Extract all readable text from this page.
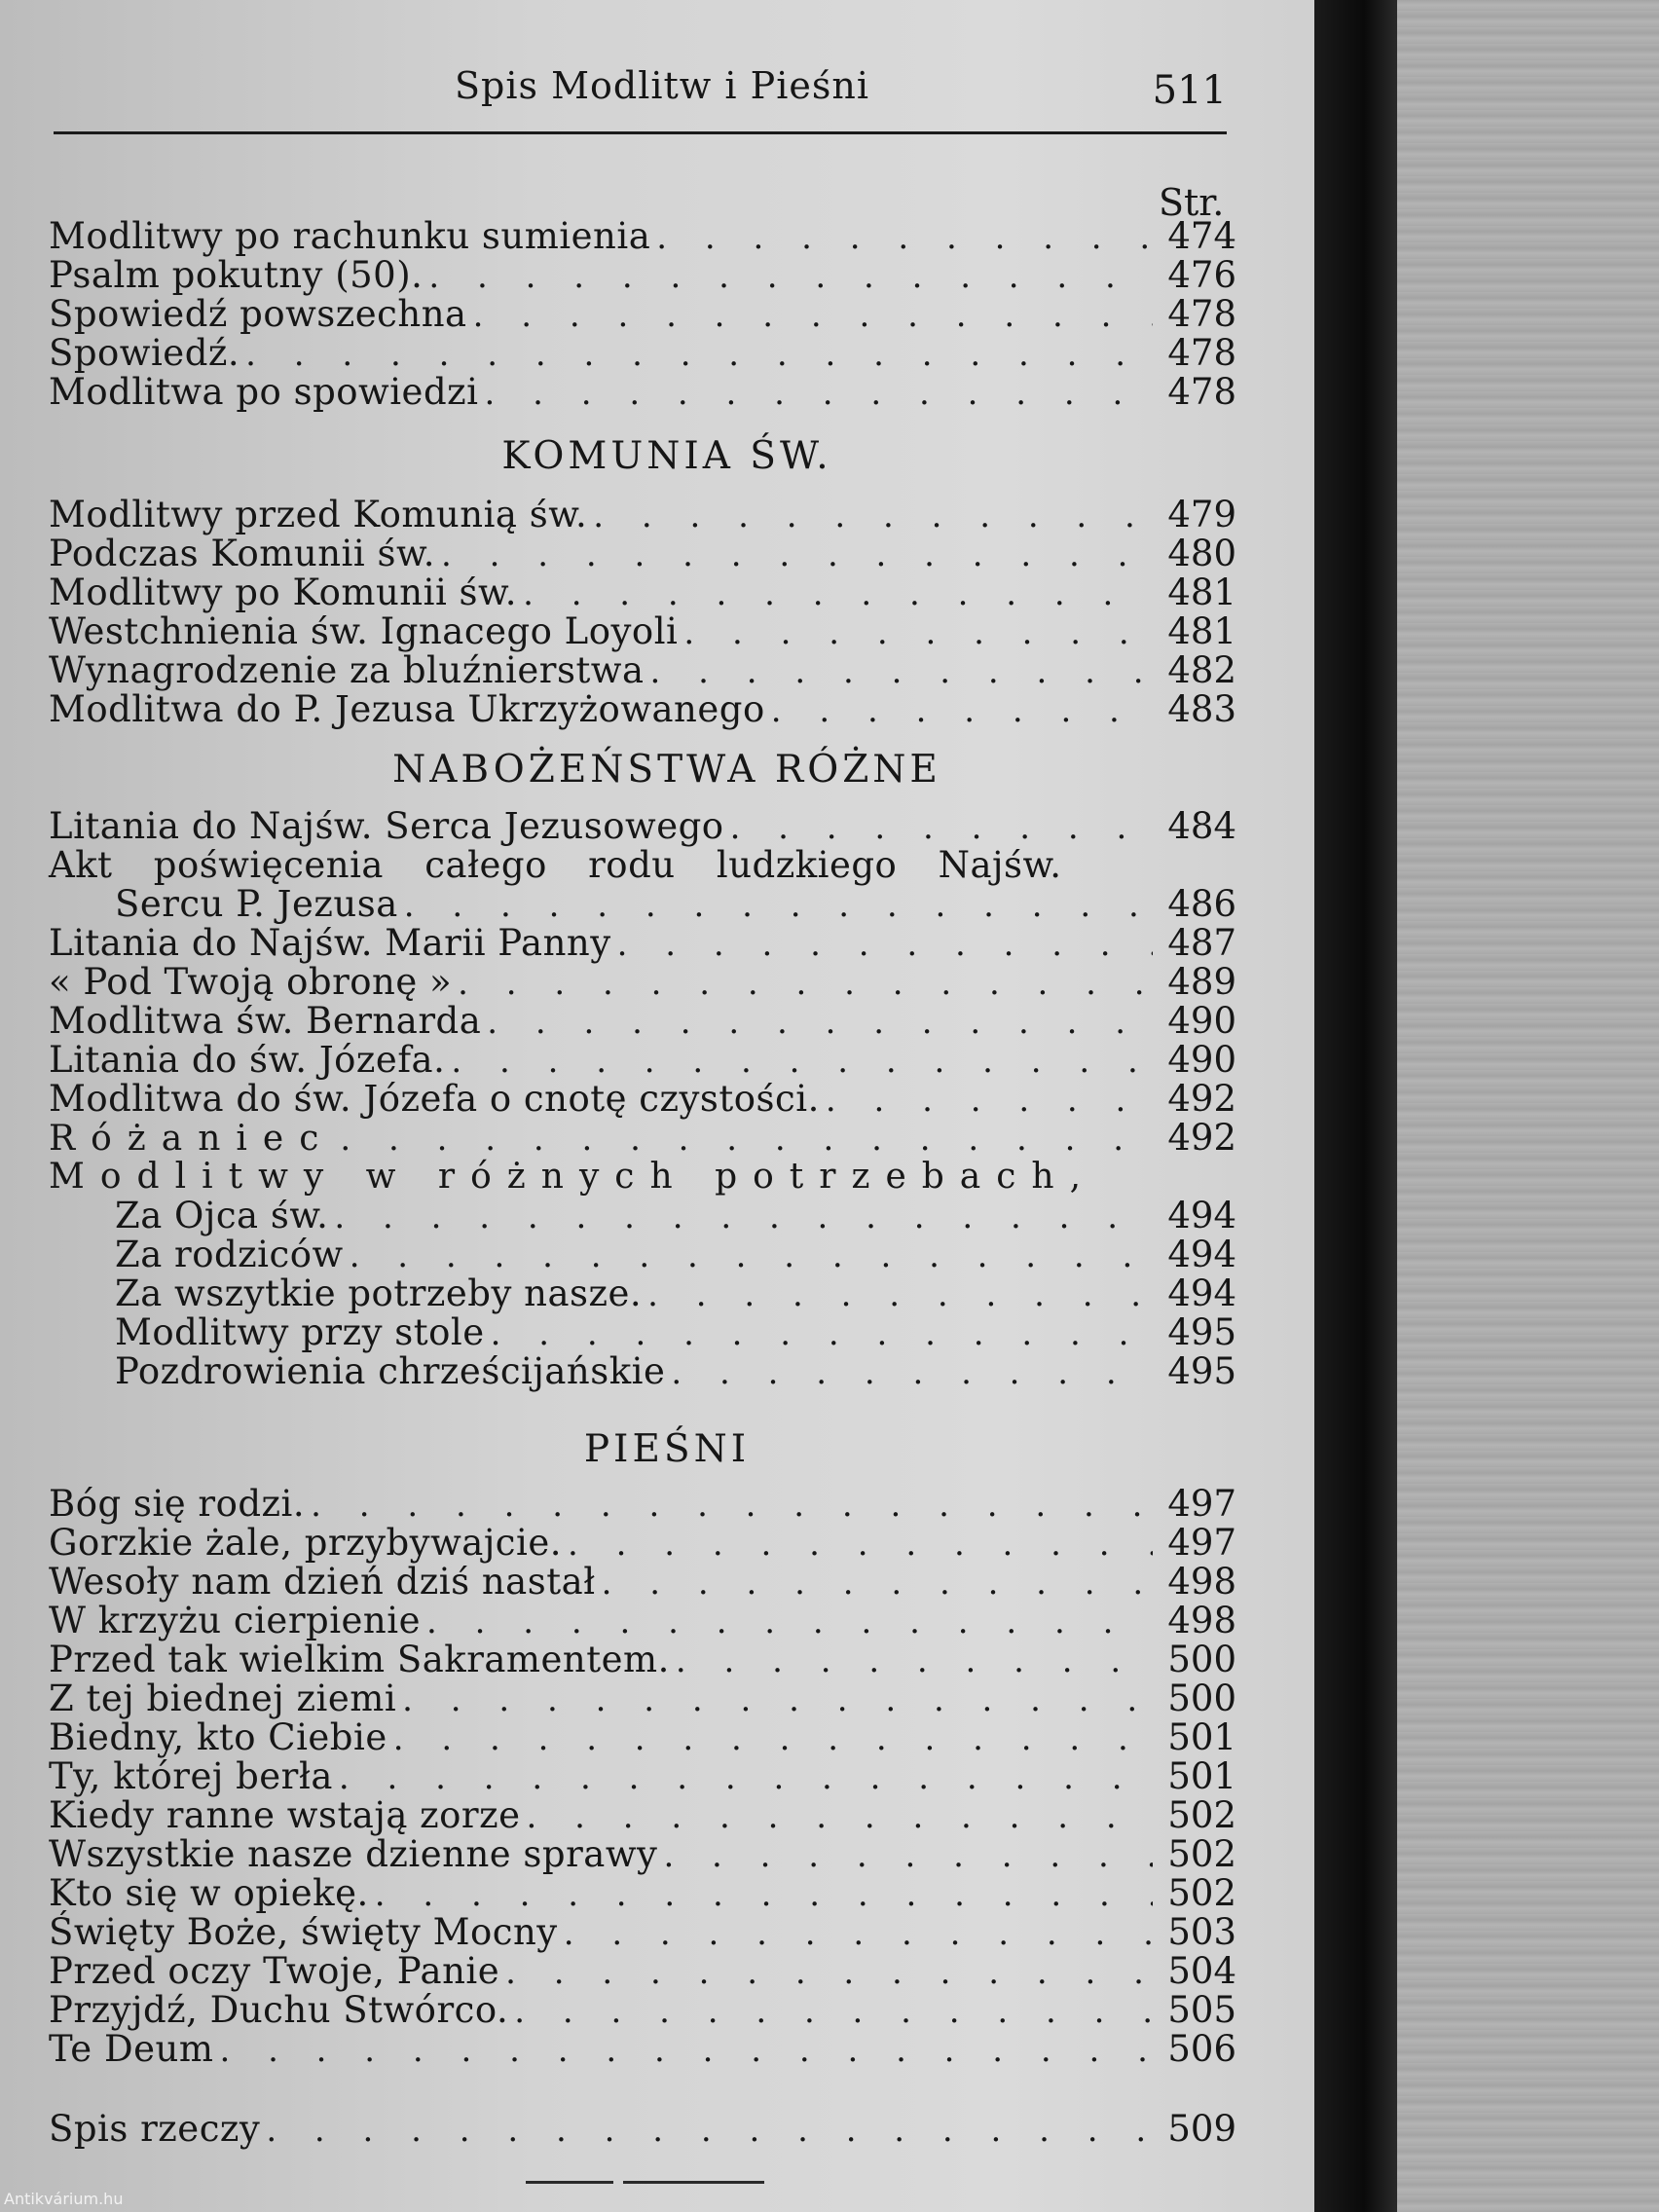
Spis Modlitw i Pieśni	511
Str.
Modlitwy po rachunku sumienia . . .	474
Psalm pokutny (50). . . .	476
Spowiedź powszechna . . .	478
Spowiedź. . . .	478
Modlitwa po spowiedzi . . .	478
KOMUNIA ŚW.
Modlitwy przed Komunią św. . . .	479
Podczas Komunii św. . . .	480
Modlitwy po Komunii św. . . .	481
Westchnienia św. Ignacego Loyoli . . .	481
Wynagrodzenie za bluźnierstwa . . .	482
Modlitwa do P. Jezusa Ukrzyżowanego . . .	483
NABOŻEŃSTWA RÓŻNE
Litania do Najśw. Serca Jezusowego . . .	484
Akt poświęcenia całego rodu ludzkiego Najśw.
Sercu P. Jezusa . . .	486
Litania do Najśw. Marii Panny . . .	487
« Pod Twoją obronę » . . .	489
Modlitwa św. Bernarda . . .	490
Litania do św. Józefa. . . .	490
Modlitwa do św. Józefa o cnotę czystości. . . .	492
Różaniec . . .	492
Modlitwy w różnych potrzebach,
Za Ojca św. . . .	494
Za rodziców . . .	494
Za wszytkie potrzeby nasze. . . .	494
Modlitwy przy stole . . .	495
Pozdrowienia chrześcijańskie . . .	495
PIEŚNI
Bóg się rodzi. . . .	497
Gorzkie żale, przybywajcie. . . .	497
Wesoły nam dzień dziś nastał . . .	498
W krzyżu cierpienie . . .	498
Przed tak wielkim Sakramentem. . . .	500
Z tej biednej ziemi . . .	500
Biedny, kto Ciebie . . .	501
Ty, której berła . . .	501
Kiedy ranne wstają zorze . . .	502
Wszystkie nasze dzienne sprawy . . .	502
Kto się w opiekę. . . .	502
Święty Boże, święty Mocny . . .	503
Przed oczy Twoje, Panie . . .	504
Przyjdź, Duchu Stwórco. . . .	505
Te Deum . . .	506
Spis rzeczy . . .	509
Antikvárium.hu
